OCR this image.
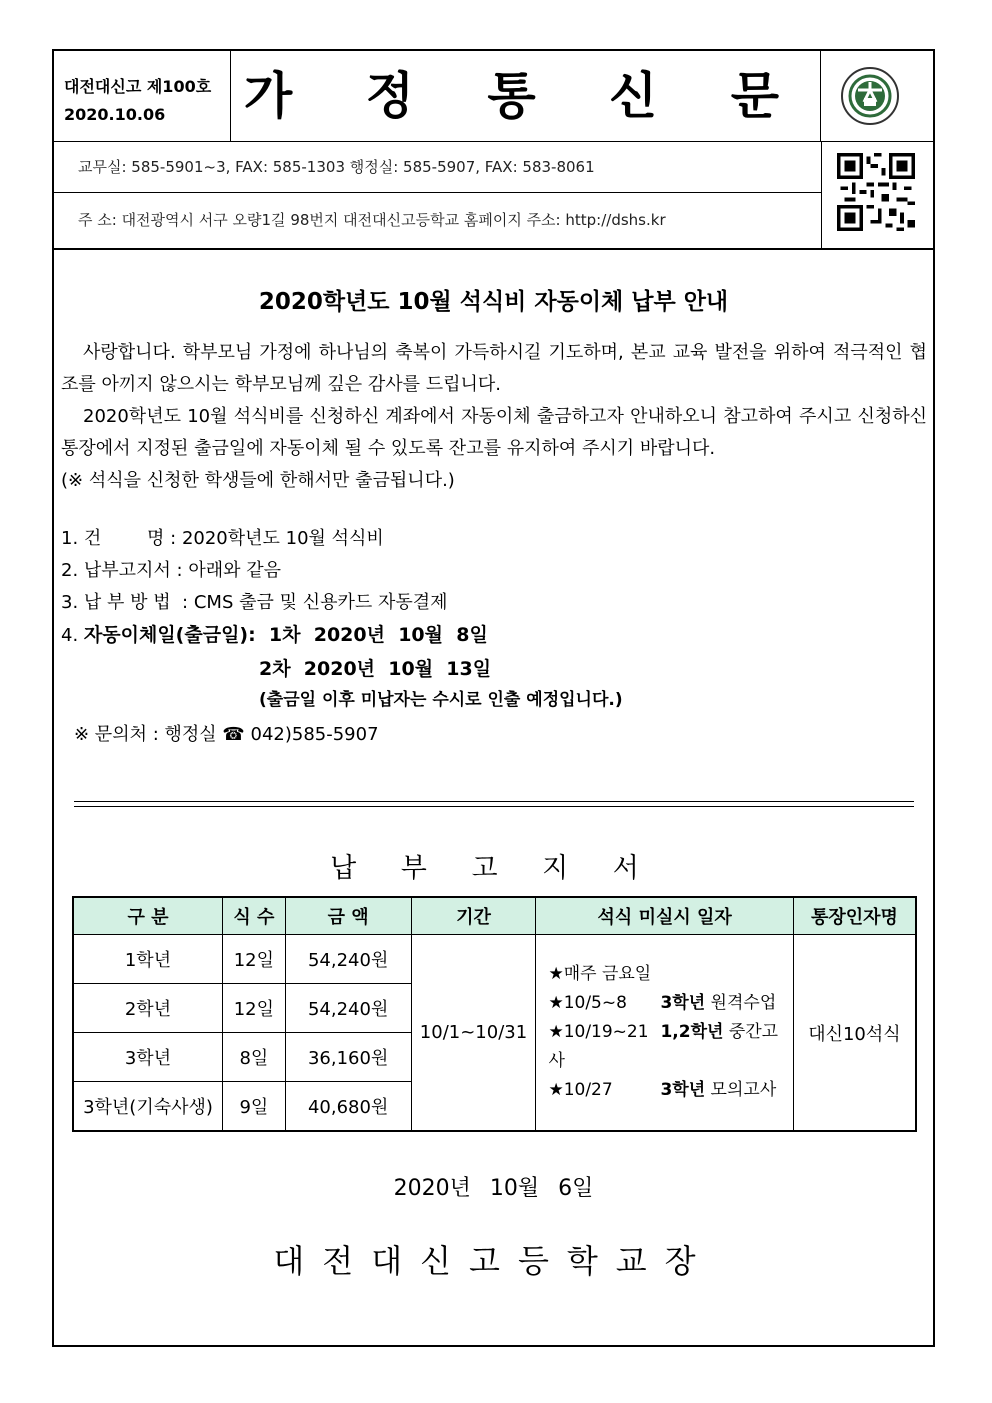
대전대신고 제100호
2020.10.06	가 정 통 신 문
교무실: 585-5901~3, FAX: 585-1303 행정실: 585-5907, FAX: 583-8061
주 소: 대전광역시 서구 오량1길 98번지 대전대신고등학교 홈페이지 주소: http://dshs.kr
2020학년도 10월 석식비 자동이체 납부 안내
사랑합니다. 학부모님 가정에 하나님의 축복이 가득하시길 기도하며, 본교 교육 발전을 위하여 적극적인 협조를 아끼지 않으시는 학부모님께 깊은 감사를 드립니다.
2020학년도 10월 석식비를 신청하신 계좌에서 자동이체 출금하고자 안내하오니 참고하여 주시고 신청하신 통장에서 지정된 출금일에 자동이체 될 수 있도록 잔고를 유지하여 주시기 바랍니다.
(※ 석식을 신청한 학생들에 한해서만 출금됩니다.)
1. 건        명 : 2020학년도 10월 석식비
2. 납부고지서 : 아래와 같음
3. 납 부 방 법  : CMS 출금 및 신용카드 자동결제
4. 자동이체일(출금일):  1차  2020년  10월  8일
2차  2020년  10월  13일
(출금일 이후 미납자는 수시로 인출 예정입니다.)
※ 문의처 : 행정실 ☎ 042)585-5907
납 부 고 지 서
구 분	식 수	금 액	기간	석식 미실시 일자	통장인자명
1학년	12일	54,240원	10/1~10/31	★매주 금요일
★10/5~8 3학년 원격수업
★10/19~21 1,2학년 중간고사
★10/27 3학년 모의고사	대신10석식
2학년	12일	54,240원			
3학년	8일	36,160원			
3학년(기숙사생)	9일	40,680원			
2020년 10월 6일
대전대신고등학교장
